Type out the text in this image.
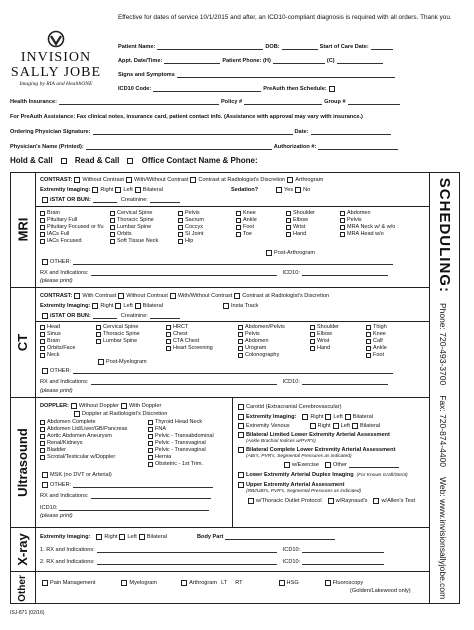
Effective for dates of service 10/1/2015 and after, an ICD10-compliant diagnosis is required with all orders. Thank you.
INVISION
SALLY JOBE
Imaging by RIA and HealthONE
Patient Name:	DOB:	Start of Care Date:
Appt. Date/Time:	Patient Phone: (H)	(C)
Signs and Symptoms
ICD10 Code:	PreAuth then Schedule:
Health Insurance:	Policy #	Group #
For PreAuth Assistance: Fax clinical notes, insurance card, patient contact info. (Assistance with approval may vary with insurance.)
Ordering Physician Signature:	Date:
Physician's Name (Printed):	Authorization #:
Hold & Call	Read & Call	Office Contact Name & Phone:
MRI
CONTRAST: Without Contrast With/Without Contrast Contrast at Radiologist's Discretion Arthrogram
Extremity Imaging: Right Left Bilateral	Sedation?	Yes No
iSTAT OR BUN:	Creatinine:
Brain
Pituitary Full
Pituitary Focused or f/u
IACs Full
IACs Focused
Cervical Spine
Thoracic Spine
Lumbar Spine
Orbits
Soft Tissue Neck
Pelvis
Sacrum
Coccyx
SI Joint
Hip
Knee
Ankle
Foot
Toe
Shoulder
Elbow
Wrist
Hand
Abdomen
Pelvis
MRA Neck w/ & w/o
MRA Head w/o
Post-Arthrogram
OTHER:
RX and Indications:	ICD10:
(please print)
CT
CONTRAST: With Contrast Without Contrast With/Without Contrast Contrast at Radiologist's Discretion
Extremity Imaging: Right Left Bilateral	Insta Track
iSTAT OR BUN:	Creatinine:
Head
Sinus
Brain
Orbits/Face
Neck
Cervical Spine
Thoracic Spine
Lumbar Spine
HRCT
Chest
CTA Chest
Heart Screening
Abdomen/Pelvis
Pelvis
Abdomen
Urogram
Colonography
Shoulder
Elbow
Wrist
Hand
Thigh
Knee
Calf
Ankle
Foot
Post-Myelogram
OTHER:
RX and Indications:	ICD10:
(please print)
Ultrasound
DOPPLER: Without Doppler With Doppler
Doppler at Radiologist's Discretion
Abdomen Complete
Abdomen Ltd/Liver/GB/Pancreas
Aortic Abdomen Aneurysm
Renal/Kidneys
Bladder
Scrotal/Testicular w/Doppler
Thyroid Head Neck
FNA
Pelvic - Transabdominal
Pelvic - Transvaginal
Pelvic - Transvaginal
Hernia
Obstetric - 1st Trim.
MSK (no DVT or Arterial)
OTHER:
RX and Indications:
ICD10:
(please print)
Carotid (Extracranial Cerebrovascular)
Extremity Imaging:	Right Left Bilateral
Extremity Venous	Right Left Bilateral
Bilateral Limited Lower Extremity Arterial Assessment
(Ankle Brachial Indices w/PVR's)
Bilateral Complete Lower Extremity Arterial Assessment
(ABI's, PVR's, Segmental Pressures as indicated)
w/Exercise	Other
Lower Extremity Arterial Duplex Imaging (For Known Graft/Stent)
Upper Extremity Arterial Assessment
(RBI/UBI's, PVR's, Segmental Pressures as indicated)
w/Thoracic Outlet Protocol	w/Raynaud's	w/Allen's Test
X-ray Extremity Imaging:	Right Left Bilateral	Body Part
1. RX and Indications:	ICD10:
2. RX and Indications:	ICD10:
Other	Pain Management	Myelogram	Arthrogram LT RT	HSG	Fluoroscopy
(Golden/Lakewood only)
SCHEDULING:
Phone: 720-493-3700
Fax: 720-874-4400
Web: www.invisionsallyjobe.com
ISJ-871 (02/16)
